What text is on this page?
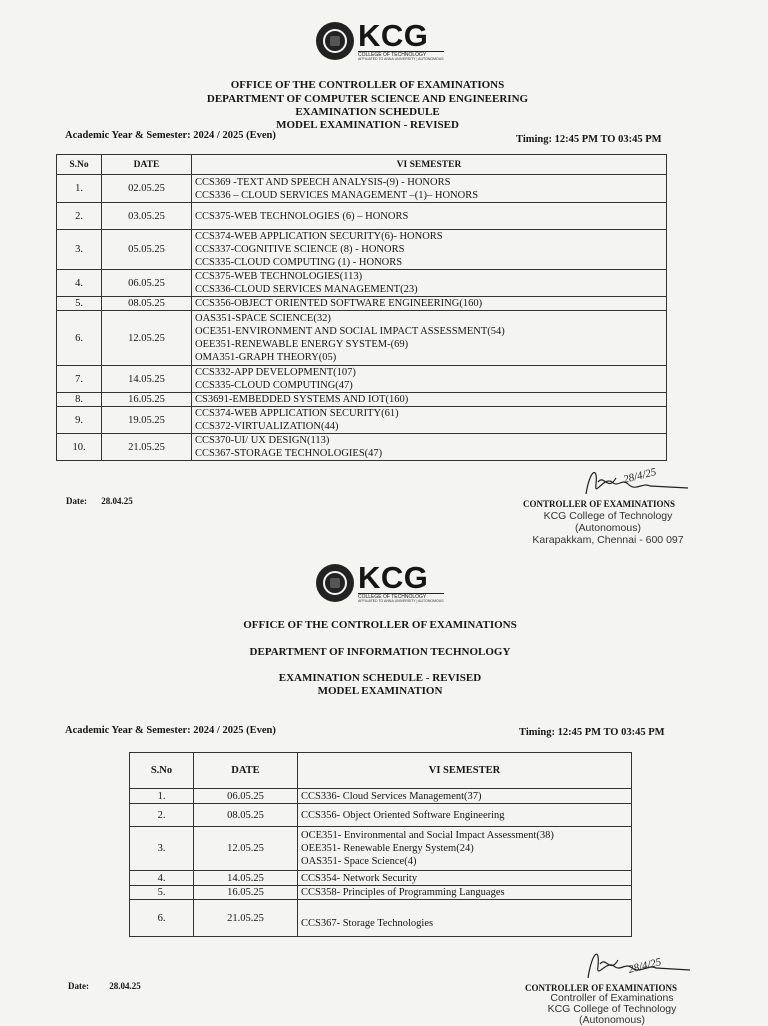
KCG
COLLEGE OF TECHNOLOGY
AFFILIATED TO ANNA UNIVERSITY | AUTONOMOUS
OFFICE OF THE CONTROLLER OF EXAMINATIONS
DEPARTMENT OF COMPUTER SCIENCE AND ENGINEERING
EXAMINATION SCHEDULE
MODEL EXAMINATION - REVISED
Academic Year & Semester: 2024 / 2025 (Even)	Timing: 12:45 PM TO 03:45 PM
S.No	DATE	VI SEMESTER
1.	02.05.25	CCS369 -TEXT AND SPEECH ANALYSIS-(9) - HONORS
CCS336 – CLOUD SERVICES MANAGEMENT –(1)– HONORS

2.	03.05.25	CCS375-WEB TECHNOLOGIES (6) – HONORS

3.	05.05.25	CCS374-WEB APPLICATION SECURITY(6)- HONORS
CCS337-COGNITIVE SCIENCE (8) - HONORS
CCS335-CLOUD COMPUTING (1) - HONORS

4.	06.05.25	CCS375-WEB TECHNOLOGIES(113)
CCS336-CLOUD SERVICES MANAGEMENT(23)

5.	08.05.25	CCS356-OBJECT ORIENTED SOFTWARE ENGINEERING(160)

6.	12.05.25	OAS351-SPACE SCIENCE(32)
OCE351-ENVIRONMENT AND SOCIAL IMPACT ASSESSMENT(54)
OEE351-RENEWABLE ENERGY SYSTEM-(69)
OMA351-GRAPH THEORY(05)

7.	14.05.25	CCS332-APP DEVELOPMENT(107)
CCS335-CLOUD COMPUTING(47)

8.	16.05.25	CS3691-EMBEDDED SYSTEMS AND IOT(160)

9.	19.05.25	CCS374-WEB APPLICATION SECURITY(61)
CCS372-VIRTUALIZATION(44)

10.	21.05.25	CCS370-UI/ UX DESIGN(113)
CCS367-STORAGE TECHNOLOGIES(47)
Date: 28.04.25
28/4/25
CONTROLLER OF EXAMINATIONS
KCG College of Technology
(Autonomous)
Karapakkam, Chennai - 600 097
KCG
COLLEGE OF TECHNOLOGY
AFFILIATED TO ANNA UNIVERSITY | AUTONOMOUS
OFFICE OF THE CONTROLLER OF EXAMINATIONS
DEPARTMENT OF INFORMATION TECHNOLOGY
EXAMINATION SCHEDULE - REVISED
MODEL EXAMINATION
Academic Year & Semester: 2024 / 2025 (Even)	Timing: 12:45 PM TO 03:45 PM
S.No	DATE	VI SEMESTER
1.	06.05.25	CCS336- Cloud Services Management(37)

2.	08.05.25	CCS356- Object Oriented Software Engineering

3.	12.05.25	OCE351- Environmental and Social Impact Assessment(38)
OEE351- Renewable Energy System(24)
OAS351- Space Science(4)

4.	14.05.25	CCS354- Network Security

5.	16.05.25	CCS358- Principles of Programming Languages

6.	21.05.25	CCS367- Storage Technologies
Date: 28.04.25
28/4/25
CONTROLLER OF EXAMINATIONS
Controller of Examinations
KCG College of Technology
(Autonomous)
